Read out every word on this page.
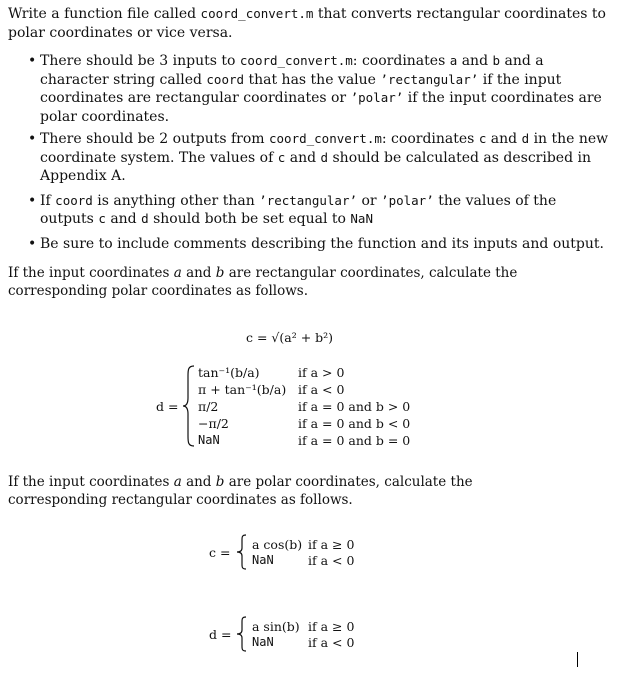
Write a function file called coord_convert.m that converts rectangular coordinates to polar coordinates or vice versa.
• There should be 3 inputs to coord_convert.m: coordinates a and b and a character string called coord that has the value ’rectangular’ if the input coordinates are rectangular coordinates or ’polar’ if the input coordinates are polar coordinates.
• There should be 2 outputs from coord_convert.m: coordinates c and d in the new coordinate system. The values of c and d should be calculated as described in Appendix A.
• If coord is anything other than ’rectangular’ or ’polar’ the values of the outputs c and d should both be set equal to NaN
• Be sure to include comments describing the function and its inputs and output.
If the input coordinates a and b are rectangular coordinates, calculate the corresponding polar coordinates as follows.
c = √(a² + b²)
d =
tan⁻¹(b/a)	if a > 0
π + tan⁻¹(b/a) if a < 0
π/2	if a = 0 and b > 0
−π/2	if a = 0 and b < 0
NaN	if a = 0 and b = 0
If the input coordinates a and b are polar coordinates, calculate the corresponding rectangular coordinates as follows.
c =
a cos(b) if a ≥ 0
NaN	if a < 0
d =
a sin(b) if a ≥ 0
NaN	if a < 0
